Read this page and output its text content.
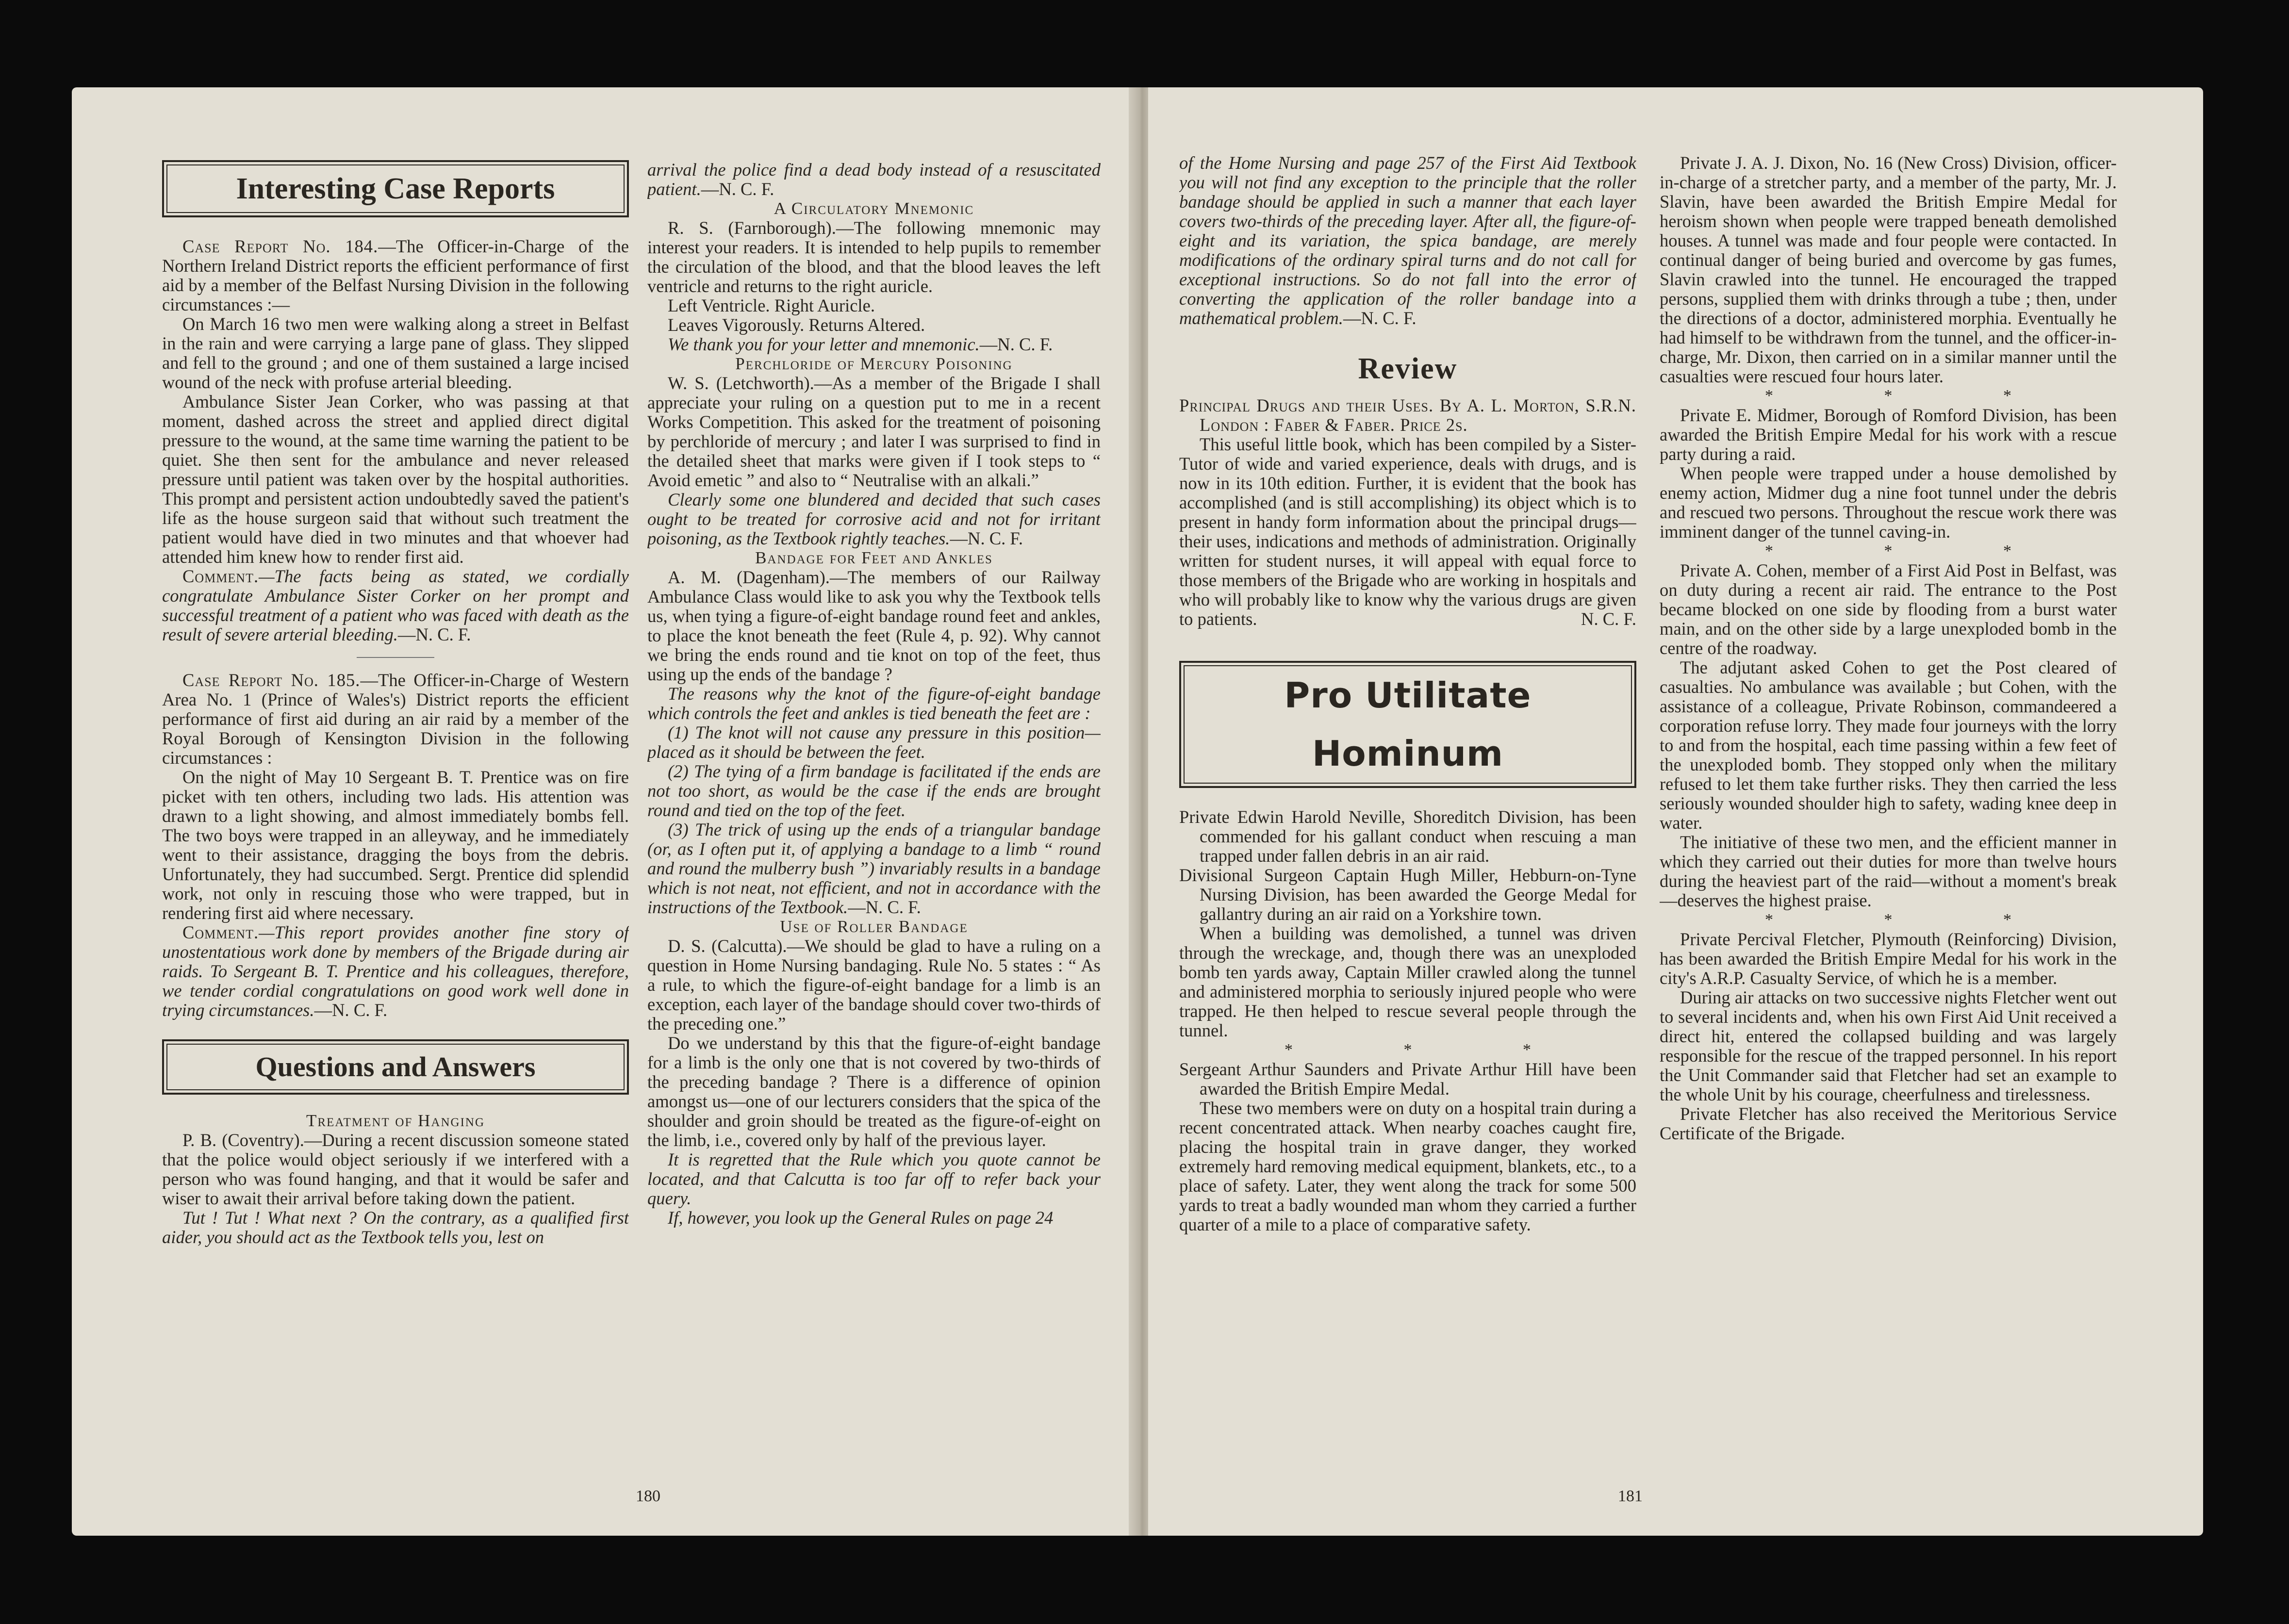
Interesting Case Reports

Case Report No. 184.—The Officer-in-Charge of the Northern Ireland District reports the efficient performance of first aid by a member of the Belfast Nursing Division in the following circumstances :—

On March 16 two men were walking along a street in Belfast in the rain and were carrying a large pane of glass. They slipped and fell to the ground ; and one of them sustained a large incised wound of the neck with profuse arterial bleeding.

Ambulance Sister Jean Corker, who was passing at that moment, dashed across the street and applied direct digital pressure to the wound, at the same time warning the patient to be quiet. She then sent for the ambulance and never released pressure until patient was taken over by the hospital authorities. This prompt and persistent action undoubtedly saved the patient's life as the house surgeon said that without such treatment the patient would have died in two minutes and that whoever had attended him knew how to render first aid.

Comment.—The facts being as stated, we cordially congratulate Ambulance Sister Corker on her prompt and successful treatment of a patient who was faced with death as the result of severe arterial bleeding.—N. C. F.

Case Report No. 185.—The Officer-in-Charge of Western Area No. 1 (Prince of Wales's) District reports the efficient performance of first aid during an air raid by a member of the Royal Borough of Kensington Division in the following circumstances :

On the night of May 10 Sergeant B. T. Prentice was on fire picket with ten others, including two lads. His attention was drawn to a light showing, and almost immediately bombs fell. The two boys were trapped in an alleyway, and he immediately went to their assistance, dragging the boys from the debris. Unfortunately, they had succumbed. Sergt. Prentice did splendid work, not only in rescuing those who were trapped, but in rendering first aid where necessary.

Comment.—This report provides another fine story of unostentatious work done by members of the Brigade during air raids. To Sergeant B. T. Prentice and his colleagues, therefore, we tender cordial congratulations on good work well done in trying circumstances.—N. C. F.

Questions and Answers
Treatment of Hanging

P. B. (Coventry).—During a recent discussion someone stated that the police would object seriously if we interfered with a person who was found hanging, and that it would be safer and wiser to await their arrival before taking down the patient.

Tut ! Tut ! What next ? On the contrary, as a qualified first aider, you should act as the Textbook tells you, lest on

arrival the police find a dead body instead of a resuscitated patient.—N. C. F.

A Circulatory Mnemonic

R. S. (Farnborough).—The following mnemonic may interest your readers. It is intended to help pupils to remember the circulation of the blood, and that the blood leaves the left ventricle and returns to the right auricle.

Left Ventricle. Right Auricle.

Leaves Vigorously. Returns Altered.

We thank you for your letter and mnemonic.—N. C. F.

Perchloride of Mercury Poisoning

W. S. (Letchworth).—As a member of the Brigade I shall appreciate your ruling on a question put to me in a recent Works Competition. This asked for the treatment of poisoning by perchloride of mercury ; and later I was surprised to find in the detailed sheet that marks were given if I took steps to “ Avoid emetic ” and also to “ Neutralise with an alkali.”

Clearly some one blundered and decided that such cases ought to be treated for corrosive acid and not for irritant poisoning, as the Textbook rightly teaches.—N. C. F.

Bandage for Feet and Ankles

A. M. (Dagenham).—The members of our Railway Ambulance Class would like to ask you why the Textbook tells us, when tying a figure-of-eight bandage round feet and ankles, to place the knot beneath the feet (Rule 4, p. 92). Why cannot we bring the ends round and tie knot on top of the feet, thus using up the ends of the bandage ?

The reasons why the knot of the figure-of-eight bandage which controls the feet and ankles is tied beneath the feet are :

(1) The knot will not cause any pressure in this position—placed as it should be between the feet.

(2) The tying of a firm bandage is facilitated if the ends are not too short, as would be the case if the ends are brought round and tied on the top of the feet.

(3) The trick of using up the ends of a triangular bandage (or, as I often put it, of applying a bandage to a limb “ round and round the mulberry bush ”) invariably results in a bandage which is not neat, not efficient, and not in accordance with the instructions of the Textbook.—N. C. F.

Use of Roller Bandage

D. S. (Calcutta).—We should be glad to have a ruling on a question in Home Nursing bandaging. Rule No. 5 states : “ As a rule, to which the figure-of-eight bandage for a limb is an exception, each layer of the bandage should cover two-thirds of the preceding one.”

Do we understand by this that the figure-of-eight bandage for a limb is the only one that is not covered by two-thirds of the preceding bandage ? There is a difference of opinion amongst us—one of our lecturers considers that the spica of the shoulder and groin should be treated as the figure-of-eight on the limb, i.e., covered only by half of the previous layer.

It is regretted that the Rule which you quote cannot be located, and that Calcutta is too far off to refer back your query.

If, however, you look up the General Rules on page 24

180

of the Home Nursing and page 257 of the First Aid Textbook you will not find any exception to the principle that the roller bandage should be applied in such a manner that each layer covers two-thirds of the preceding layer. After all, the figure-of-eight and its variation, the spica bandage, are merely modifications of the ordinary spiral turns and do not call for exceptional instructions. So do not fall into the error of converting the application of the roller bandage into a mathematical problem.—N. C. F.

Review

Principal Drugs and their Uses. By A. L. Morton, S.R.N. London : Faber & Faber. Price 2s.

This useful little book, which has been compiled by a Sister-Tutor of wide and varied experience, deals with drugs, and is now in its 10th edition. Further, it is evident that the book has accomplished (and is still accomplishing) its object which is to present in handy form information about the principal drugs—their uses, indications and methods of administration. Originally written for student nurses, it will appeal with equal force to those members of the Brigade who are working in hospitals and who will probably like to know why the various drugs are given to patients.	N. C. F.

Pro Utilitate Hominum

Private Edwin Harold Neville, Shoreditch Division, has been commended for his gallant conduct when rescuing a man trapped under fallen debris in an air raid.

Divisional Surgeon Captain Hugh Miller, Hebburn-on-Tyne Nursing Division, has been awarded the George Medal for gallantry during an air raid on a Yorkshire town.

When a building was demolished, a tunnel was driven through the wreckage, and, though there was an unexploded bomb ten yards away, Captain Miller crawled along the tunnel and administered morphia to seriously injured people who were trapped. He then helped to rescue several people through the tunnel.

* * *

Sergeant Arthur Saunders and Private Arthur Hill have been awarded the British Empire Medal.

These two members were on duty on a hospital train during a recent concentrated attack. When nearby coaches caught fire, placing the hospital train in grave danger, they worked extremely hard removing medical equipment, blankets, etc., to a place of safety. Later, they went along the track for some 500 yards to treat a badly wounded man whom they carried a further quarter of a mile to a place of comparative safety.

Private J. A. J. Dixon, No. 16 (New Cross) Division, officer-in-charge of a stretcher party, and a member of the party, Mr. J. Slavin, have been awarded the British Empire Medal for heroism shown when people were trapped beneath demolished houses. A tunnel was made and four people were contacted. In continual danger of being buried and overcome by gas fumes, Slavin crawled into the tunnel. He encouraged the trapped persons, supplied them with drinks through a tube ; then, under the directions of a doctor, administered morphia. Eventually he had himself to be withdrawn from the tunnel, and the officer-in-charge, Mr. Dixon, then carried on in a similar manner until the casualties were rescued four hours later.

* * *

Private E. Midmer, Borough of Romford Division, has been awarded the British Empire Medal for his work with a rescue party during a raid.

When people were trapped under a house demolished by enemy action, Midmer dug a nine foot tunnel under the debris and rescued two persons. Throughout the rescue work there was imminent danger of the tunnel caving-in.

* * *

Private A. Cohen, member of a First Aid Post in Belfast, was on duty during a recent air raid. The entrance to the Post became blocked on one side by flooding from a burst water main, and on the other side by a large unexploded bomb in the centre of the roadway.

The adjutant asked Cohen to get the Post cleared of casualties. No ambulance was available ; but Cohen, with the assistance of a colleague, Private Robinson, commandeered a corporation refuse lorry. They made four journeys with the lorry to and from the hospital, each time passing within a few feet of the unexploded bomb. They stopped only when the military refused to let them take further risks. They then carried the less seriously wounded shoulder high to safety, wading knee deep in water.

The initiative of these two men, and the efficient manner in which they carried out their duties for more than twelve hours during the heaviest part of the raid—without a moment's break—deserves the highest praise.

* * *

Private Percival Fletcher, Plymouth (Reinforcing) Division, has been awarded the British Empire Medal for his work in the city's A.R.P. Casualty Service, of which he is a member.

During air attacks on two successive nights Fletcher went out to several incidents and, when his own First Aid Unit received a direct hit, entered the collapsed building and was largely responsible for the rescue of the trapped personnel. In his report the Unit Commander said that Fletcher had set an example to the whole Unit by his courage, cheerfulness and tirelessness.

Private Fletcher has also received the Meritorious Service Certificate of the Brigade.

181
